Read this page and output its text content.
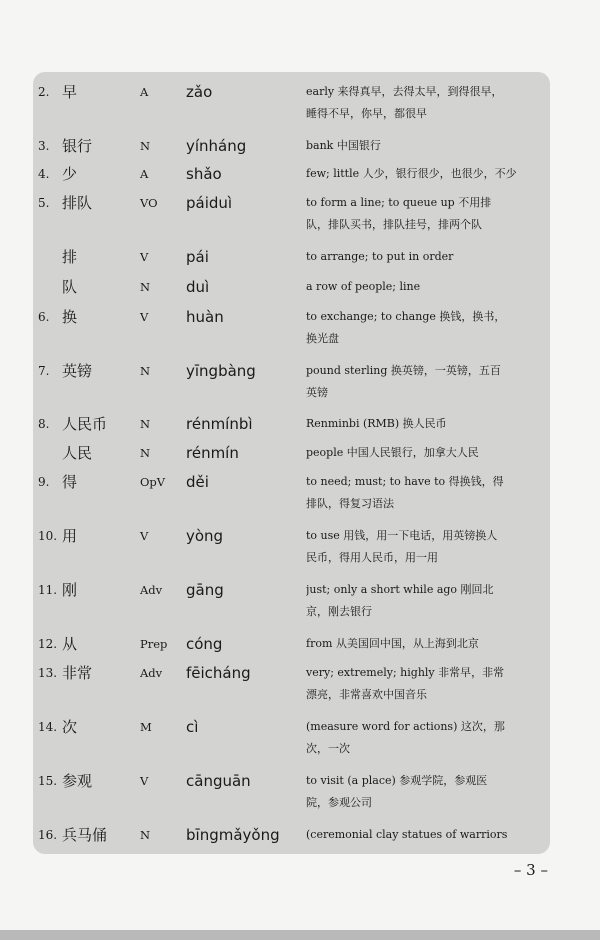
2. 早	A	zǎo	early 来得真早，去得太早，到得很早，
睡得不早，你早，都很早
3. 银行	N yínháng	bank 中国银行
4. 少	A	shǎo	few; little 人少，银行很少，也很少，不少
5. 排队	VO páiduì	to form a line; to queue up 不用排
队，排队买书，排队挂号，排两个队
排	V	pái	to arrange; to put in order
队	N duì	a row of people; line
6. 换	V	huàn	to exchange; to change 换钱，换书，
换光盘
7. 英镑	N yīngbàng	pound sterling 换英镑，一英镑，五百
英镑
8. 人民币	N rénmínbì	Renminbi (RMB) 换人民币
人民	N rénmín	people 中国人民银行，加拿大人民
9. 得	OpV děi	to need; must; to have to 得换钱，得
排队，得复习语法
10. 用	V	yòng	to use 用钱，用一下电话，用英镑换人
民币，得用人民币，用一用
11. 刚	Adv gāng	just; only a short while ago 刚回北
京，刚去银行
12. 从	Prep cóng	from 从美国回中国，从上海到北京
13. 非常	Adv fēicháng	very; extremely; highly 非常早，非常
漂亮，非常喜欢中国音乐
14. 次	M cì	(measure word for actions) 这次，那
次，一次
15. 参观	V	cānguān	to visit (a place) 参观学院，参观医
院，参观公司
16. 兵马俑	N bīngmǎyǒng (ceremonial clay statues of warriors
– 3 –
